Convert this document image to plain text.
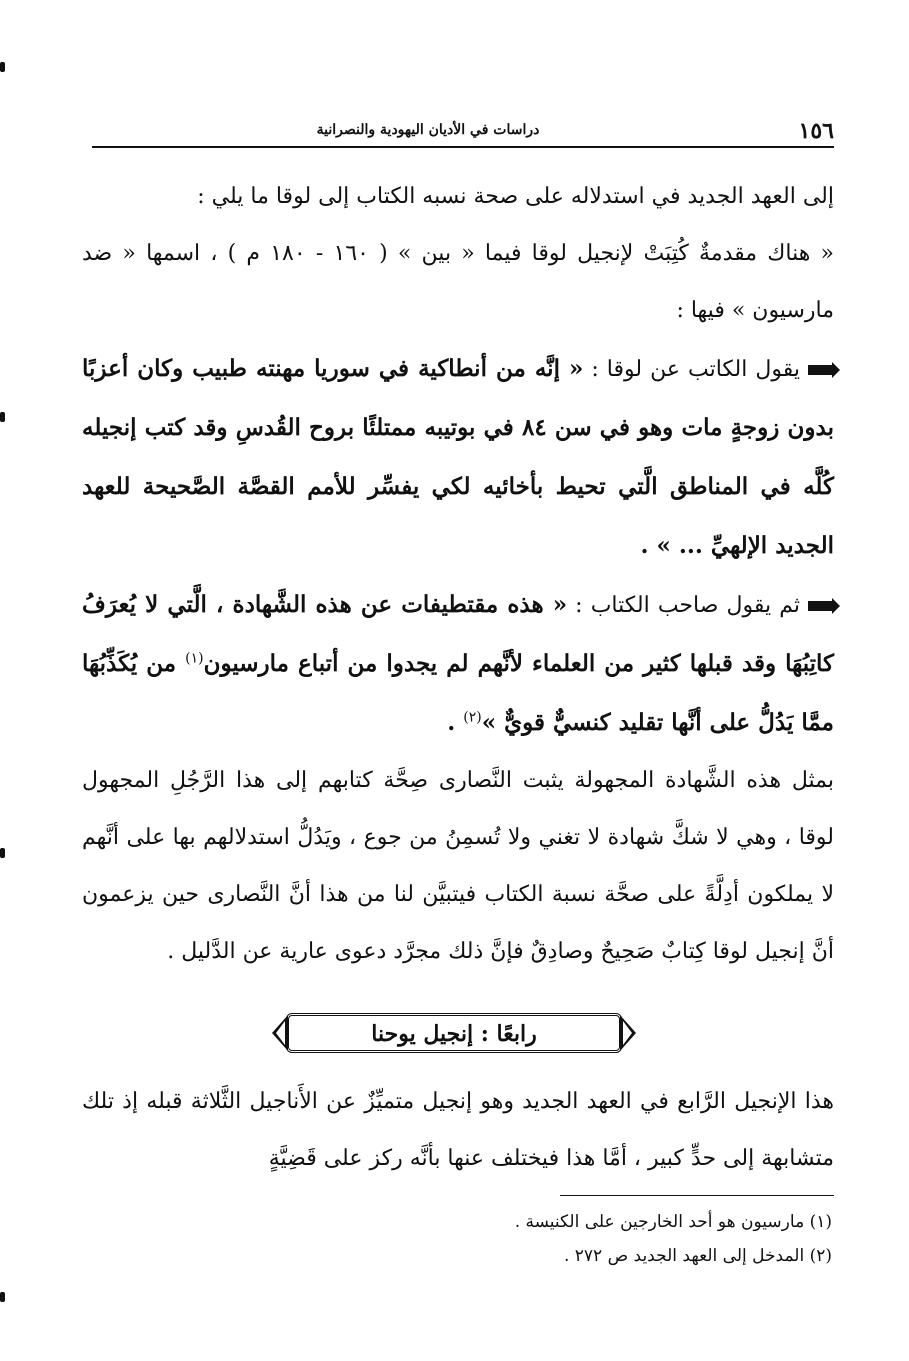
١٥٦
دراسات في الأديان اليهودية والنصرانية

إلى العهد الجديد في استدلاله على صحة نسبه الكتاب إلى لوقا ما يلي :

« هناك مقدمةٌ كُتِبَتْ لإنجيل لوقا فيما « بين » ( ١٦٠ - ١٨٠ م ) ، اسمها « ضد مارسيون » فيها :

يقول الكاتب عن لوقا : « إنَّه من أنطاكية في سوريا مهنته طبيب وكان أعزبًا بدون زوجةٍ مات وهو في سن ٨٤ في بوتيبه ممتلئًا بروح القُدسِ وقد كتب إنجيله كُلَّه في المناطق الَّتي تحيط بأخائيه لكي يفسِّر للأمم القصَّة الصَّحيحة للعهد الجديد الإلهيِّ ... » .

ثم يقول صاحب الكتاب : « هذه مقتطيفات عن هذه الشَّهادة ، الَّتي لا يُعرَفُ كاتِبُهَا وقد قبلها كثير من العلماء لأنَّهم لم يجدوا من أتباع مارسيون$^{(١)}$ من يُكَذِّبُهَا ممَّا يَدُلُّ على أنَّها تقليد كنسيٌّ قويٌّ »$^{(٢)}$ .

بمثل هذه الشَّهادة المجهولة يثبت النَّصارى صِحَّة كتابهم إلى هذا الرَّجُلِ المجهول لوقا ، وهي لا شكَّ شهادة لا تغني ولا تُسمِنُ من جوع ، ويَدُلُّ استدلالهم بها على أنَّهم لا يملكون أدِلَّةً على صحَّة نسبة الكتاب فيتبيَّن لنا من هذا أنَّ النَّصارى حين يزعمون أنَّ إنجيل لوقا كِتابٌ صَحِيحٌ وصادِقٌ فإنَّ ذلك مجرَّد دعوى عارية عن الدَّليل .

رابعًا : إنجيل يوحنا

هذا الإنجيل الرَّابع في العهد الجديد وهو إنجيل متميِّزٌ عن الأَناجيل الثَّلاثة قبله إذ تلك متشابهة إلى حدٍّ كبير ، أمَّا هذا فيختلف عنها بأنَّه ركز على قَضِيَّةٍ

(١) مارسيون هو أحد الخارجين على الكنيسة .
(٢) المدخل إلى العهد الجديد ص ٢٧٢ .
